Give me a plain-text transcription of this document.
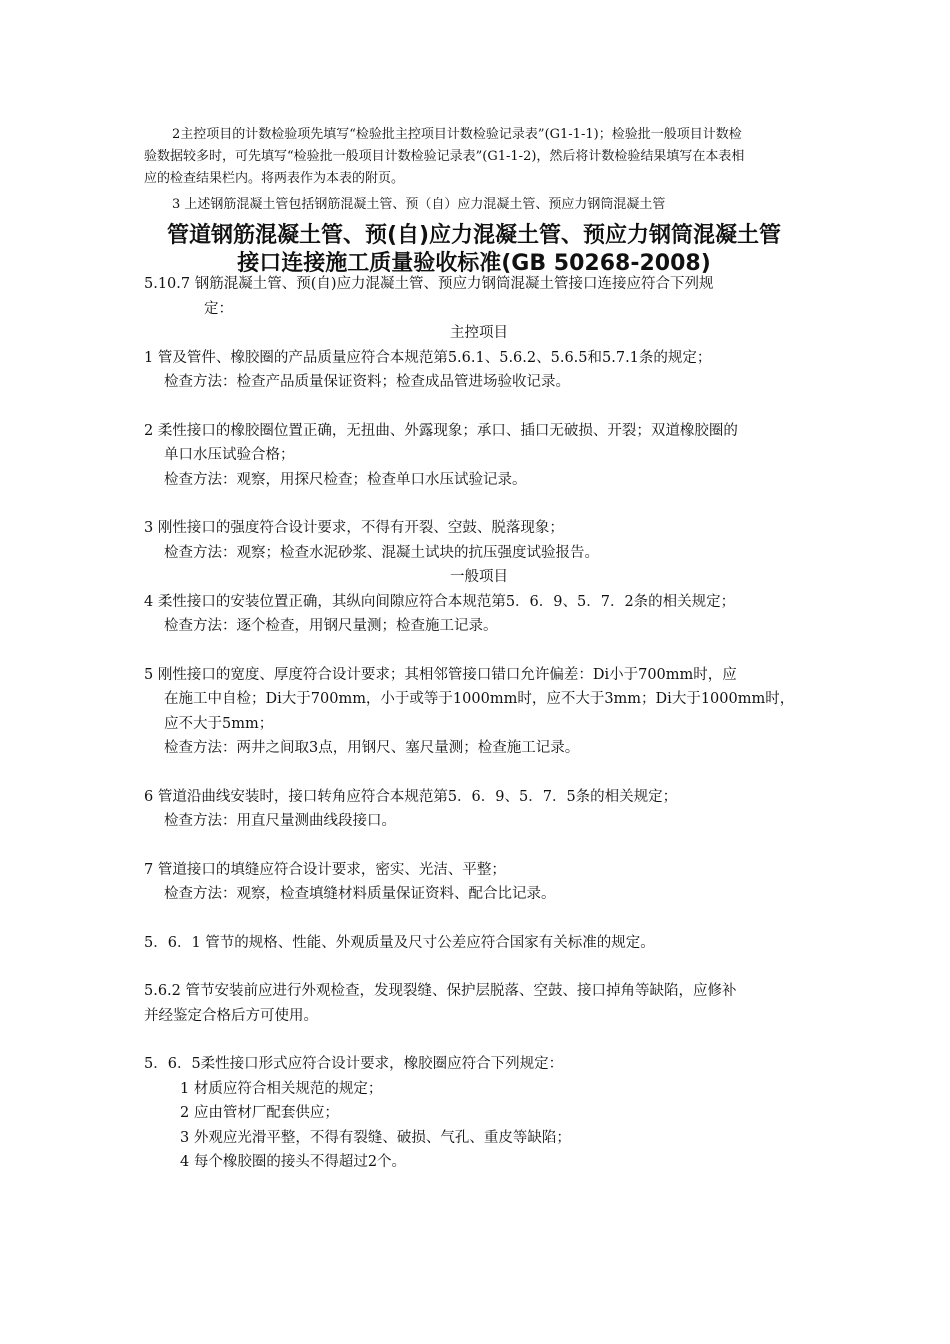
2主控项目的计数检验项先填写“检验批主控项目计数检验记录表”(G1-1-1)；检验批一般项目计数检

验数据较多时，可先填写“检验批一般项目计数检验记录表”(G1-1-2)，然后将计数检验结果填写在本表相

应的检查结果栏内。将两表作为本表的附页。

3 上述钢筋混凝土管包括钢筋混凝土管、预（自）应力混凝土管、预应力钢筒混凝土管

管道钢筋混凝土管、预(自)应力混凝土管、预应力钢筒混凝土管
接口连接施工质量验收标准(GB 50268-2008)
5.10.7 钢筋混凝土管、预(自)应力混凝土管、预应力钢筒混凝土管接口连接应符合下列规
定：
主控项目
1 管及管件、橡胶圈的产品质量应符合本规范第5.6.1、5.6.2、5.6.5和5.7.1条的规定；
检查方法：检查产品质量保证资料；检查成品管进场验收记录。
2 柔性接口的橡胶圈位置正确，无扭曲、外露现象；承口、插口无破损、开裂；双道橡胶圈的
单口水压试验合格；
检查方法：观察，用探尺检查；检查单口水压试验记录。
3 刚性接口的强度符合设计要求，不得有开裂、空鼓、脱落现象；
检查方法：观察；检查水泥砂浆、混凝土试块的抗压强度试验报告。
一般项目
4 柔性接口的安装位置正确，其纵向间隙应符合本规范第5．6．9、5．7．2条的相关规定；
检查方法：逐个检查，用钢尺量测；检查施工记录。
5 刚性接口的宽度、厚度符合设计要求；其相邻管接口错口允许偏差：Di小于700mm时，应
在施工中自检；Di大于700mm，小于或等于1000mm时，应不大于3mm；Di大于1000mm时，
应不大于5mm；
检查方法：两井之间取3点，用钢尺、塞尺量测；检查施工记录。
6 管道沿曲线安装时，接口转角应符合本规范第5．6．9、5．7．5条的相关规定；
检查方法：用直尺量测曲线段接口。
7 管道接口的填缝应符合设计要求，密实、光洁、平整；
检查方法：观察，检查填缝材料质量保证资料、配合比记录。
5．6．1 管节的规格、性能、外观质量及尺寸公差应符合国家有关标准的规定。
5.6.2 管节安装前应进行外观检查，发现裂缝、保护层脱落、空鼓、接口掉角等缺陷，应修补
并经鉴定合格后方可使用。
5．6．5柔性接口形式应符合设计要求，橡胶圈应符合下列规定：
1 材质应符合相关规范的规定；
2 应由管材厂配套供应；
3 外观应光滑平整，不得有裂缝、破损、气孔、重皮等缺陷；
4 每个橡胶圈的接头不得超过2个。
